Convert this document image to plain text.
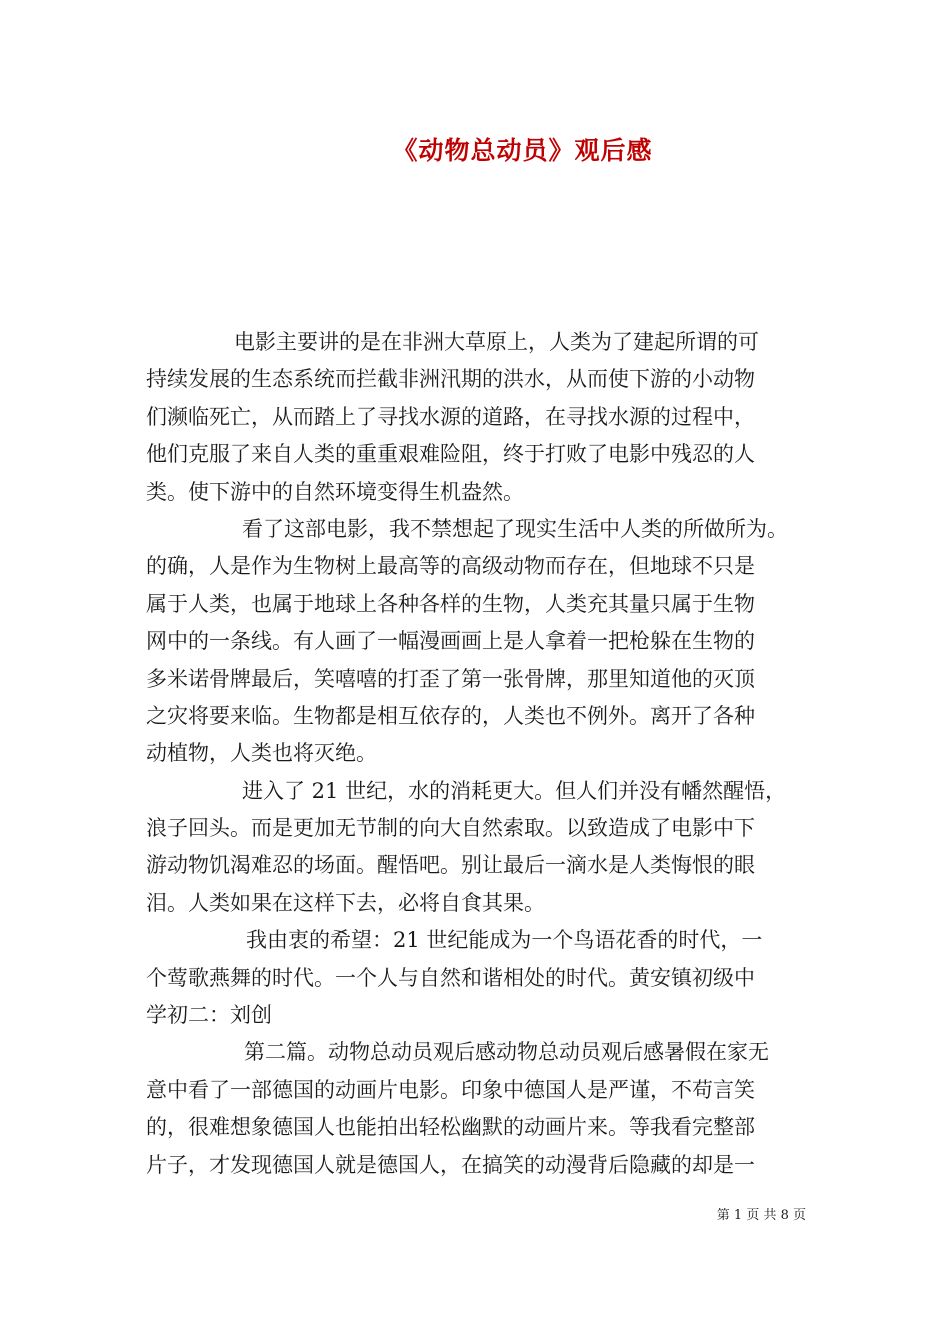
《动物总动员》观后感
电影主要讲的是在非洲大草原上，人类为了建起所谓的可
持续发展的生态系统而拦截非洲汛期的洪水，从而使下游的小动物
们濒临死亡，从而踏上了寻找水源的道路，在寻找水源的过程中，
他们克服了来自人类的重重艰难险阻，终于打败了电影中残忍的人
类。使下游中的自然环境变得生机盎然。
看了这部电影，我不禁想起了现实生活中人类的所做所为。
的确，人是作为生物树上最高等的高级动物而存在，但地球不只是
属于人类，也属于地球上各种各样的生物，人类充其量只属于生物
网中的一条线。有人画了一幅漫画画上是人拿着一把枪躲在生物的
多米诺骨牌最后，笑嘻嘻的打歪了第一张骨牌，那里知道他的灭顶
之灾将要来临。生物都是相互依存的，人类也不例外。离开了各种
动植物，人类也将灭绝。
进入了 21 世纪，水的消耗更大。但人们并没有幡然醒悟，
浪子回头。而是更加无节制的向大自然索取。以致造成了电影中下
游动物饥渴难忍的场面。醒悟吧。别让最后一滴水是人类悔恨的眼
泪。人类如果在这样下去，必将自食其果。
我由衷的希望：21 世纪能成为一个鸟语花香的时代，一
个莺歌燕舞的时代。一个人与自然和谐相处的时代。黄安镇初级中
学初二：刘创
第二篇。动物总动员观后感动物总动员观后感暑假在家无
意中看了一部德国的动画片电影。印象中德国人是严谨，不苟言笑
的，很难想象德国人也能拍出轻松幽默的动画片来。等我看完整部
片子，才发现德国人就是德国人，在搞笑的动漫背后隐藏的却是一
第 1 页 共 8 页
